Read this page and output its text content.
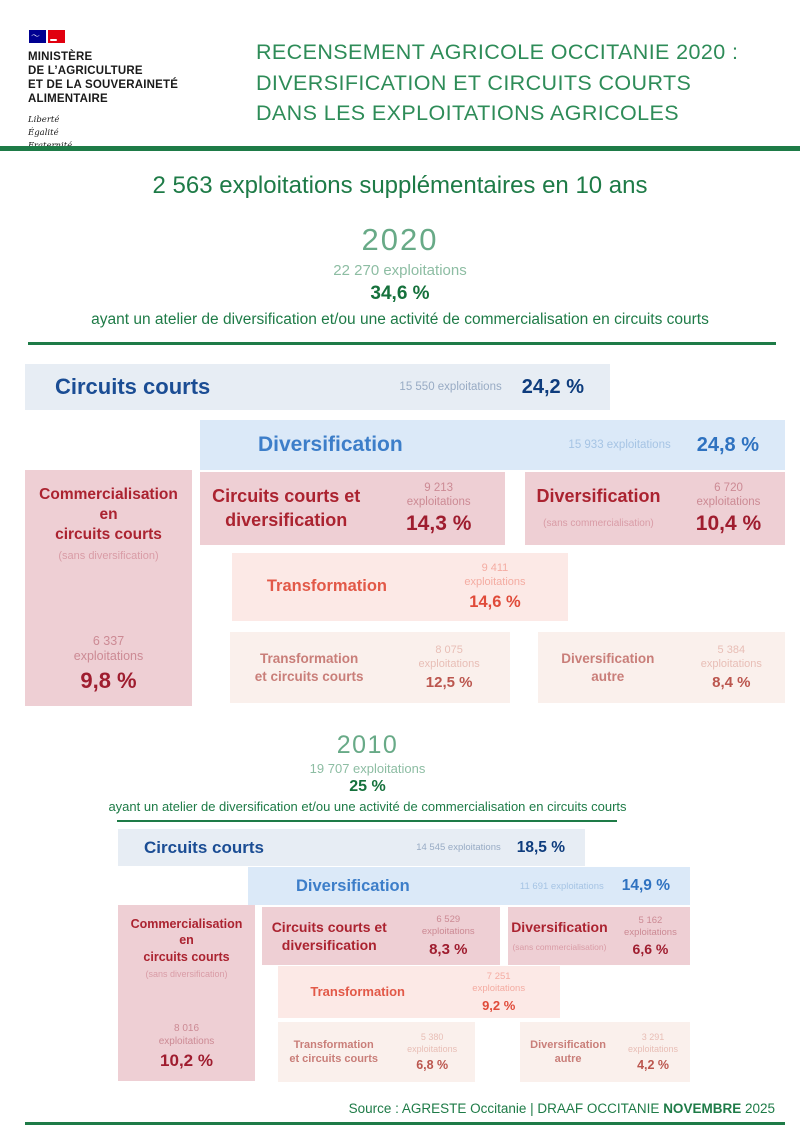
〜
MINISTÈRE
DE L’AGRICULTURE
ET DE LA SOUVERAINETÉ
ALIMENTAIRE
Liberté
Égalité

RECENSEMENT AGRICOLE OCCITANIE 2020 :
DIVERSIFICATION ET CIRCUITS COURTS
DANS LES EXPLOITATIONS AGRICOLES
2 563 exploitations supplémentaires en 10 ans
2020
22 270 exploitations
34,6 %
ayant un atelier de diversification et/ou une activité de commercialisation en circuits courts
Circuits courts	15 550 exploitations 24,2 %
Diversification	15 933 exploitations 24,8 %
Commercialisation
en
circuits courts
(sans diversification)
6 337
exploitations
9,8 %
Circuits courts et
diversification
9 213
exploitations
14,3 %
Diversification
(sans commercialisation)
6 720
exploitations
10,4 %
Transformation
9 411
exploitations
14,6 %
Transformation
et circuits courts
8 075
exploitations
12,5 %
Diversification
autre
5 384
exploitations
8,4 %
2010
19 707 exploitations
25 %
ayant un atelier de diversification et/ou une activité de commercialisation en circuits courts
Circuits courts	14 545 exploitations 18,5 %
Diversification	11 691 exploitations 14,9 %
Commercialisation
en
circuits courts
(sans diversification)
8 016
exploitations
10,2 %
Circuits courts et
diversification
6 529
exploitations
8,3 %
Diversification
(sans commercialisation)
5 162
exploitations
6,6 %
Transformation
7 251
exploitations
9,2 %
Transformation
et circuits courts
5 380
exploitations
6,8 %
Diversification
autre
3 291
exploitations
4,2 %
Source : AGRESTE Occitanie | DRAAF OCCITANIE NOVEMBRE 2025
